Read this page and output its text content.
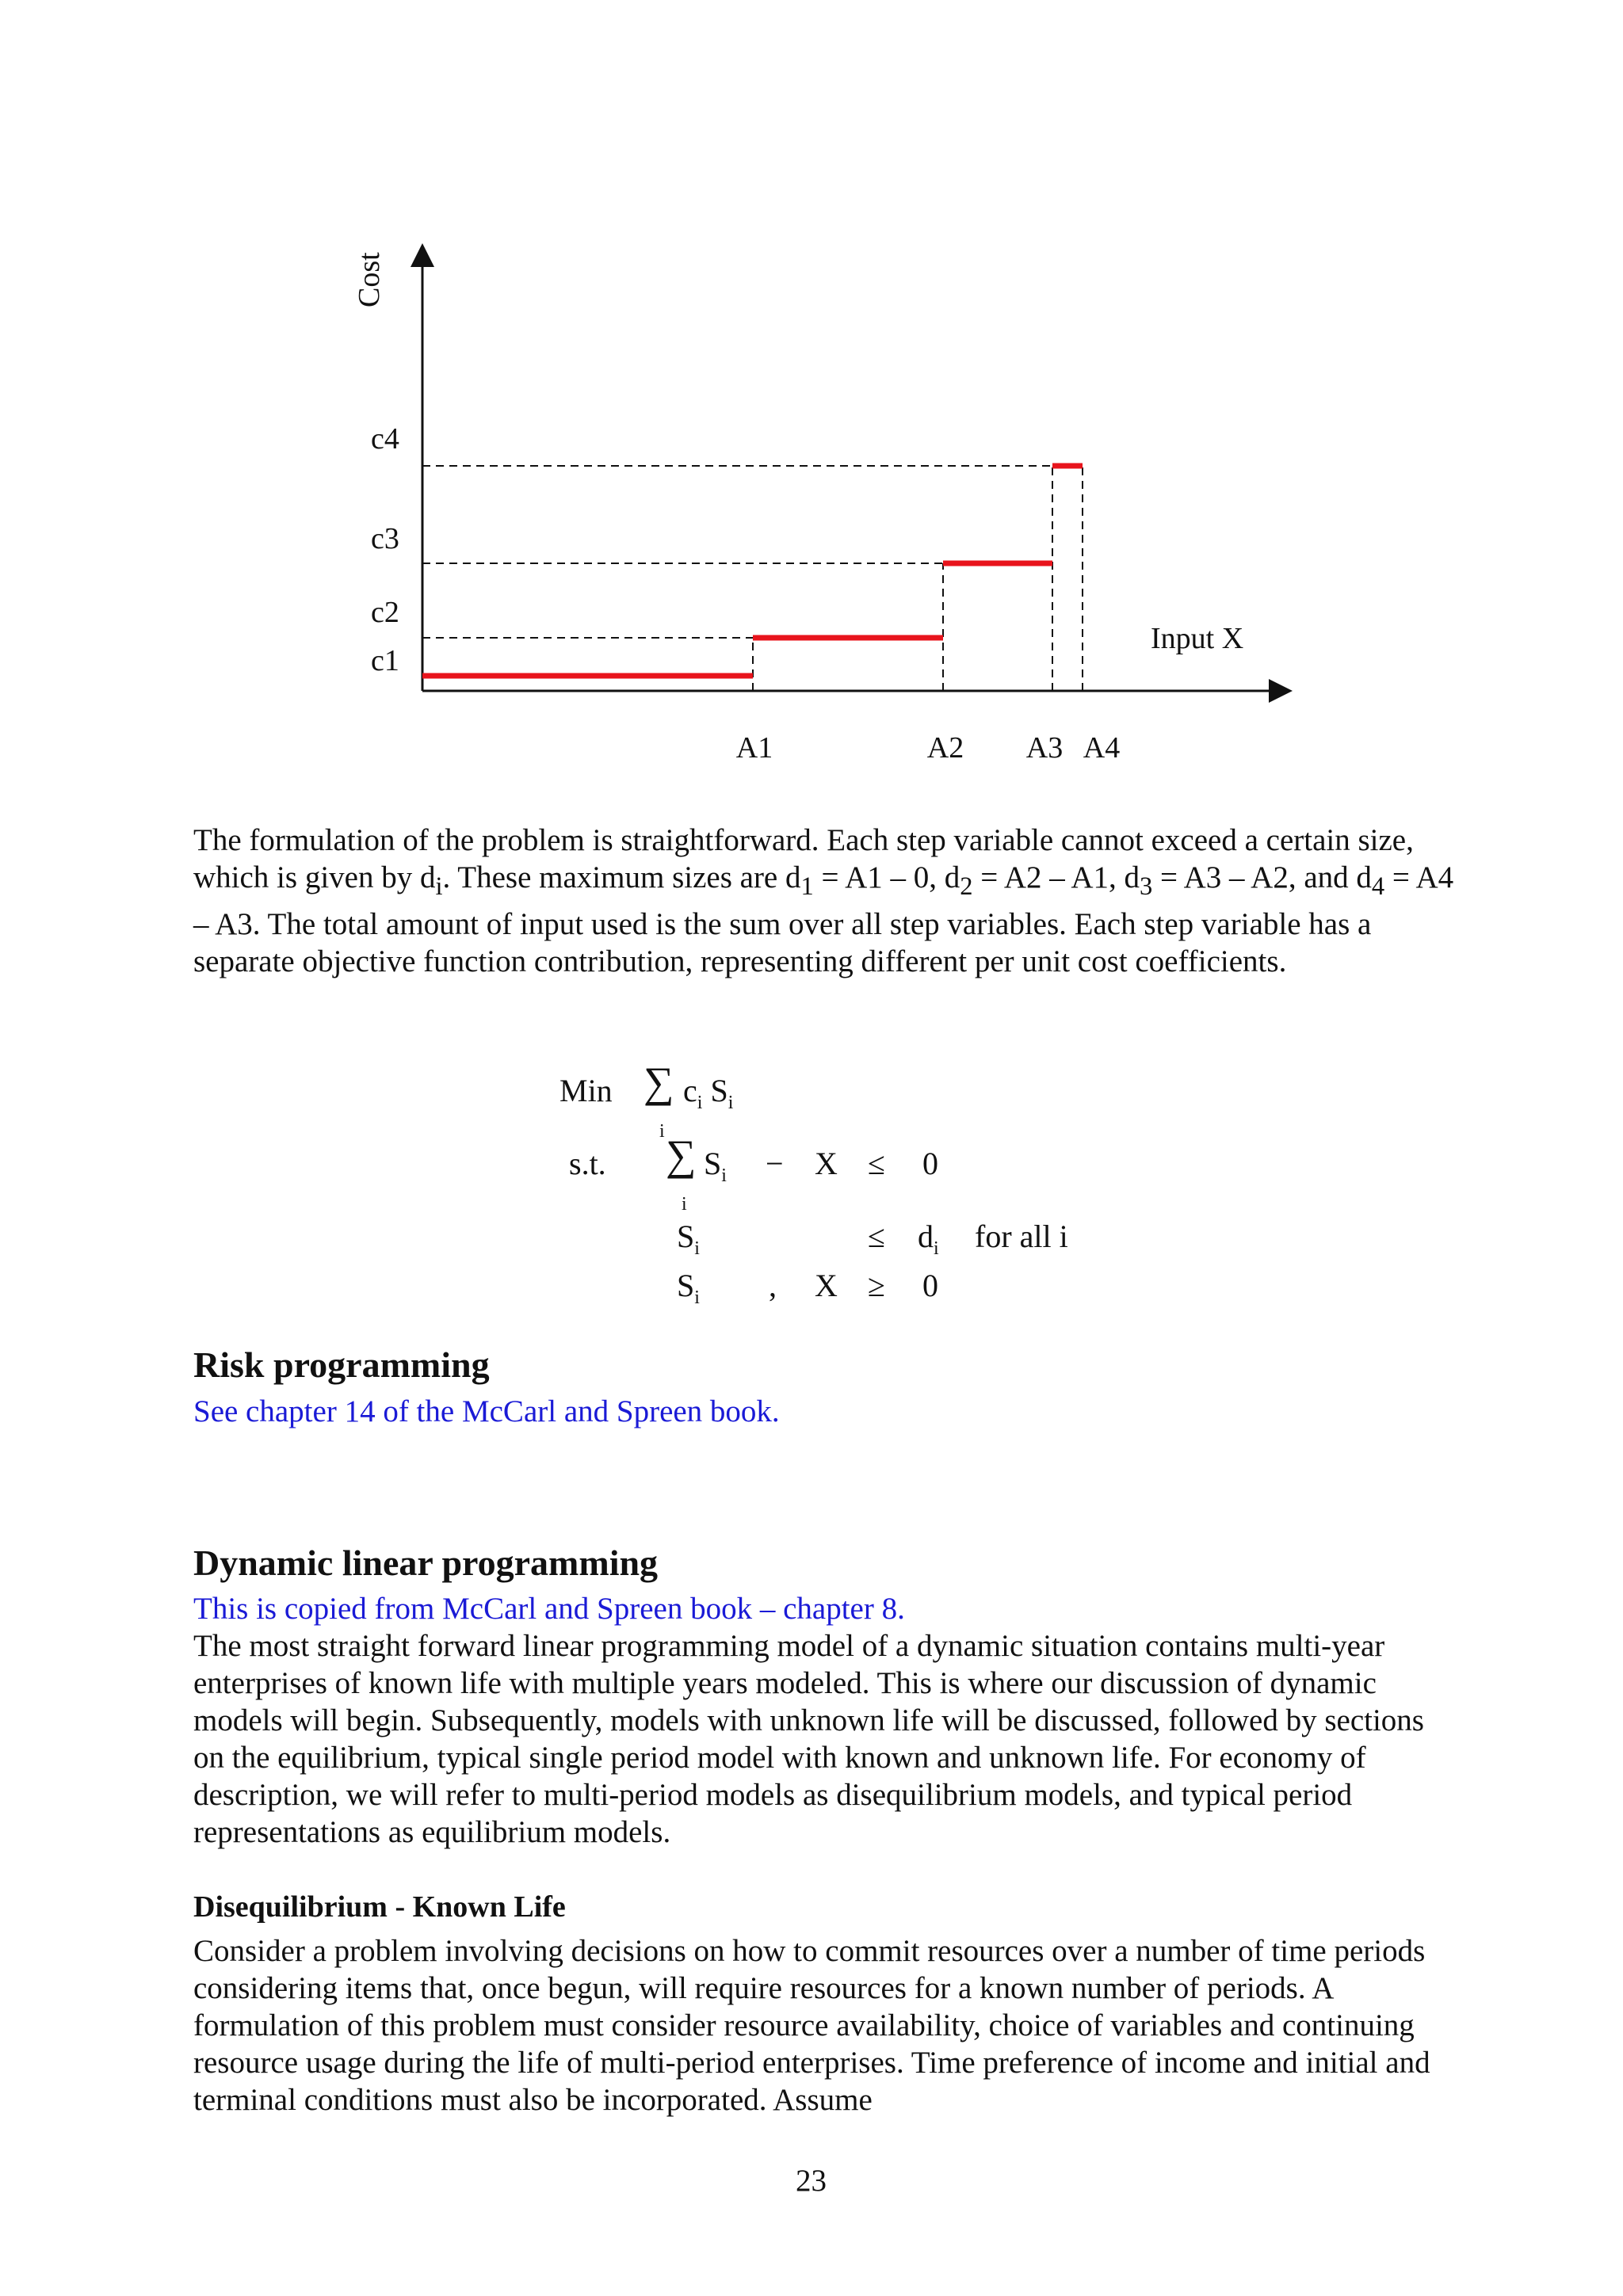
c1
c2
c3
c4
A1	A2 A3 A4
Input X
Cost

The formulation of the problem is straightforward. Each step variable cannot exceed a certain size, which is given by $d_i$. These maximum sizes are $d_1 = A1 - 0$, $d_2 = A2 - A1$, $d_3 = A3 - A2$, and $d_4 = A4 - A3$. The total amount of input used is the sum over all step variables. Each step variable has a separate objective function contribution, representing different per unit cost coefficients.

Min ∑ $c_i$ $S_i$
i
s.t. ∑ $S_i$
i
− X ≤ 0
$S_i$	≤ $d_i$ for all i
$S_i$ , X ≥ 0
Risk programming

See chapter 14 of the McCarl and Spreen book.

Dynamic linear programming

This is copied from McCarl and Spreen book – chapter 8.

The most straight forward linear programming model of a dynamic situation contains multi-year enterprises of known life with multiple years modeled. This is where our discussion of dynamic models will begin. Subsequently, models with unknown life will be discussed, followed by sections on the equilibrium, typical single period model with known and unknown life. For economy of description, we will refer to multi-period models as disequilibrium models, and typical period representations as equilibrium models.

Disequilibrium - Known Life

Consider a problem involving decisions on how to commit resources over a number of time periods considering items that, once begun, will require resources for a known number of periods. A formulation of this problem must consider resource availability, choice of variables and continuing resource usage during the life of multi-period enterprises. Time preference of income and initial and terminal conditions must also be incorporated. Assume

23
